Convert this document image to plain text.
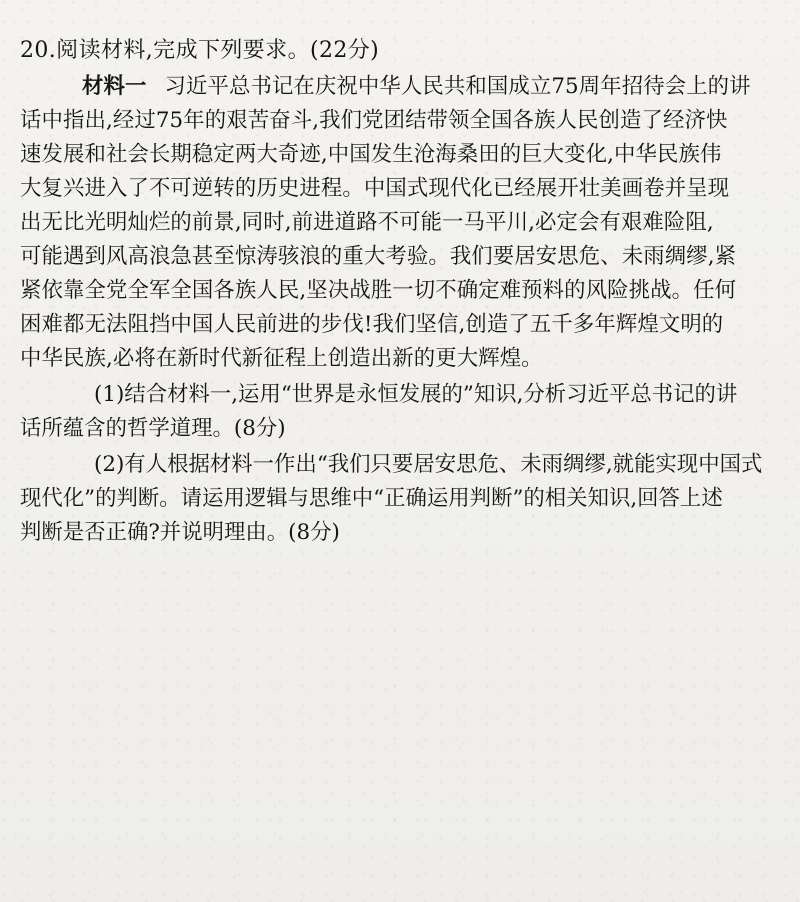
20.阅读材料,完成下列要求。(22分)
材料一 习近平总书记在庆祝中华人民共和国成立75周年招待会上的讲
话中指出,经过75年的艰苦奋斗,我们党团结带领全国各族人民创造了经济快
速发展和社会长期稳定两大奇迹,中国发生沧海桑田的巨大变化,中华民族伟
大复兴进入了不可逆转的历史进程。中国式现代化已经展开壮美画卷并呈现
出无比光明灿烂的前景,同时,前进道路不可能一马平川,必定会有艰难险阻,
可能遇到风高浪急甚至惊涛骇浪的重大考验。我们要居安思危、未雨绸缪,紧
紧依靠全党全军全国各族人民,坚决战胜一切不确定难预料的风险挑战。任何
困难都无法阻挡中国人民前进的步伐!我们坚信,创造了五千多年辉煌文明的
中华民族,必将在新时代新征程上创造出新的更大辉煌。
(1)结合材料一,运用“世界是永恒发展的”知识,分析习近平总书记的讲
话所蕴含的哲学道理。(8分)
(2)有人根据材料一作出“我们只要居安思危、未雨绸缪,就能实现中国式
现代化”的判断。请运用逻辑与思维中“正确运用判断”的相关知识,回答上述
判断是否正确?并说明理由。(8分)
